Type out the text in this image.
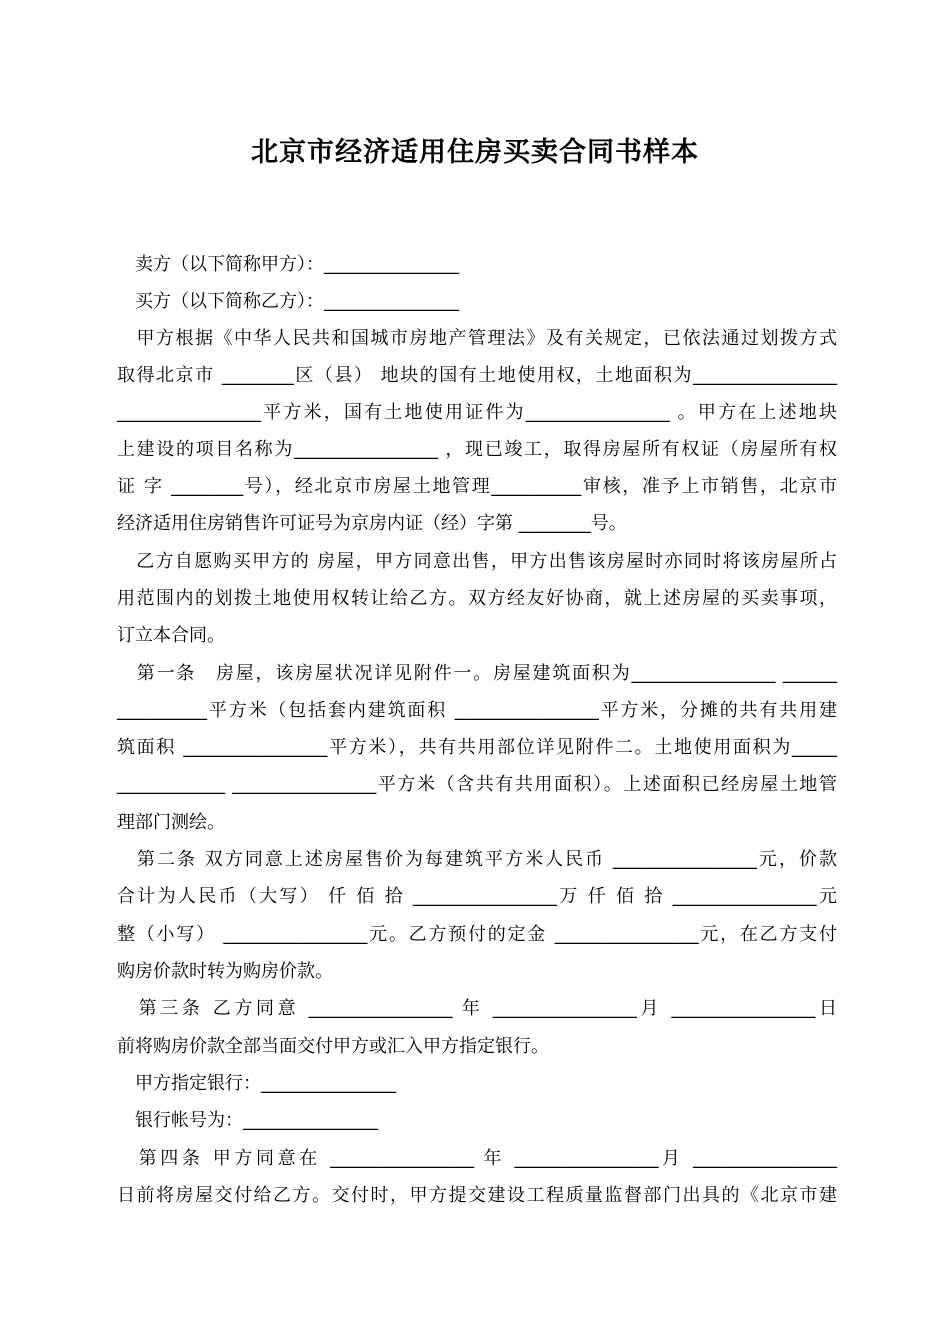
北京市经济适用住房买卖合同书样本
　卖方（以下简称甲方）：_______________
　买方（以下简称乙方）：_______________
　甲方根据《中华人民共和国城市房地产管理法》及有关规定，已依法通过划拨方式
取得北京市 ________区（县） 地块的国有土地使用权，土地面积为________________
________________平方米，国有土地使用证件为________________ 。甲方在上述地块
上建设的项目名称为________________ ，现已竣工，取得房屋所有权证（房屋所有权
证 字 ________号），经北京市房屋土地管理__________审核，准予上市销售，北京市
经济适用住房销售许可证号为京房内证（经）字第 ________号。
　乙方自愿购买甲方的 房屋，甲方同意出售，甲方出售该房屋时亦同时将该房屋所占
用范围内的划拨土地使用权转让给乙方。双方经友好协商，就上述房屋的买卖事项，
订立本合同。
　第一条　房屋，该房屋状况详见附件一。房屋建筑面积为________________ ______
__________平方米（包括套内建筑面积 ________________平方米，分摊的共有共用建
筑面积 ________________平方米），共有共用部位详见附件二。土地使用面积为_____
____________ ________________平方米（含共有共用面积）。上述面积已经房屋土地管
理部门测绘。
　第二条 双方同意上述房屋售价为每建筑平方米人民币 ________________元，价款
合计为人民币（大写） 仟 佰 拾 ________________万 仟 佰 拾 ________________元
整（小写） ________________元。乙方预付的定金 ________________元，在乙方支付
购房价款时转为购房价款。
　第三条 乙方同意 ________________ 年 ________________月 ________________日
前将购房价款全部当面交付甲方或汇入甲方指定银行。
　甲方指定银行：_______________
　银行帐号为：_______________
　第四条 甲方同意在 ________________ 年 ________________月 ________________
日前将房屋交付给乙方。交付时，甲方提交建设工程质量监督部门出具的《北京市建
